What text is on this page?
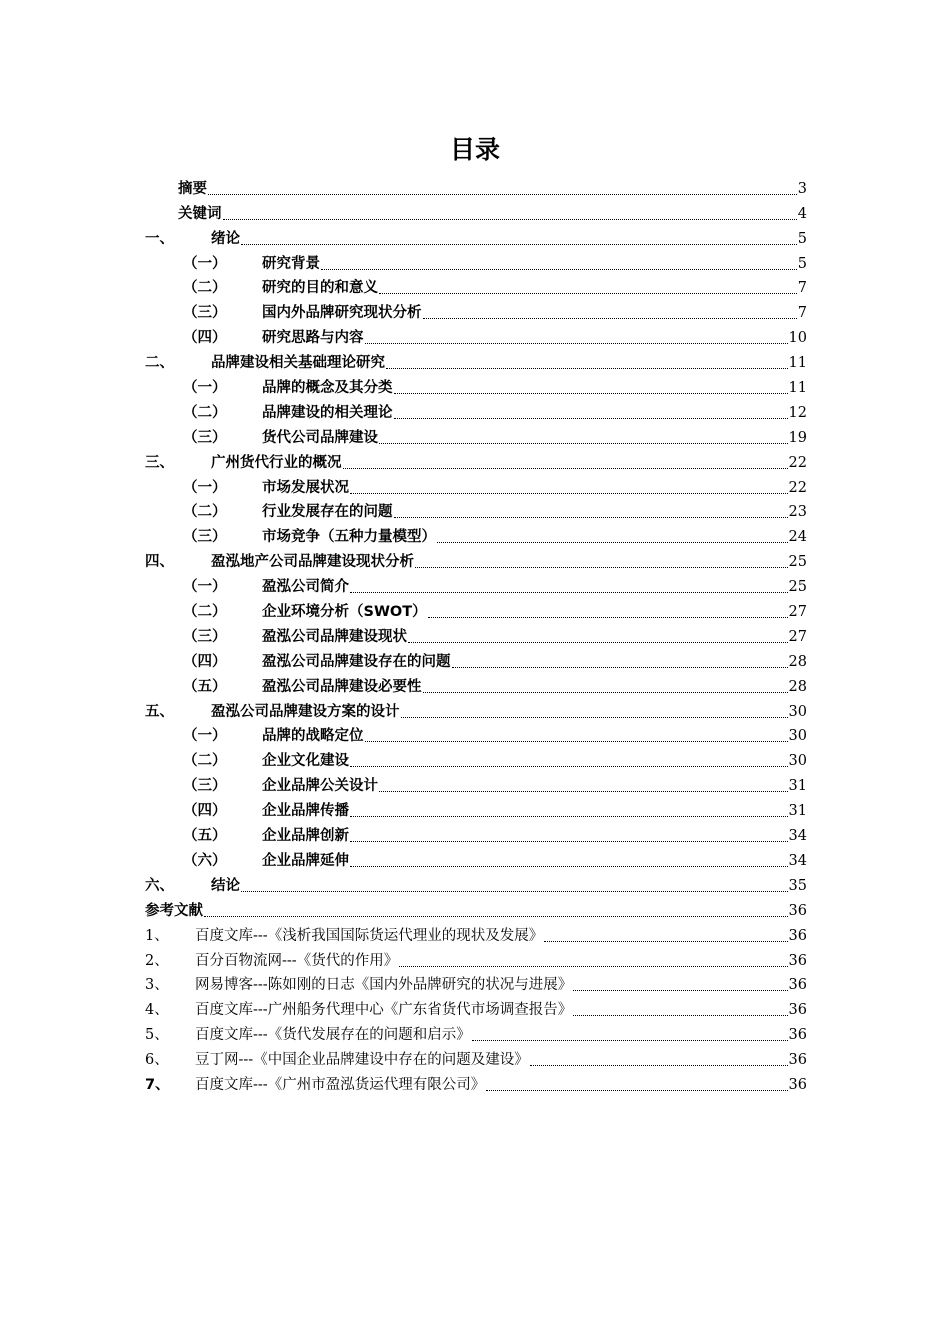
目录
摘要	3
关键词	4
一、	绪论	5
（一）	研究背景	5
（二）	研究的目的和意义	7
（三）	国内外品牌研究现状分析	7
（四）	研究思路与内容	10
二、	品牌建设相关基础理论研究	11
（一）	品牌的概念及其分类	11
（二）	品牌建设的相关理论	12
（三）	货代公司品牌建设	19
三、	广州货代行业的概况	22
（一）	市场发展状况	22
（二）	行业发展存在的问题	23
（三）	市场竞争（五种力量模型）	24
四、	盈泓地产公司品牌建设现状分析	25
（一）	盈泓公司简介	25
（二）	企业环境分析（SWOT）	27
（三）	盈泓公司品牌建设现状	27
（四）	盈泓公司品牌建设存在的问题	28
（五）	盈泓公司品牌建设必要性	28
五、	盈泓公司品牌建设方案的设计	30
（一）	品牌的战略定位	30
（二）	企业文化建设	30
（三）	企业品牌公关设计	31
（四）	企业品牌传播	31
（五）	企业品牌创新	34
（六）	企业品牌延伸	34
六、	结论	35
参考文献	36
1、	百度文库---《浅析我国国际货运代理业的现状及发展》	36
2、	百分百物流网---《货代的作用》	36
3、	网易博客---陈如刚的日志《国内外品牌研究的状况与进展》	36
4、	百度文库---广州船务代理中心《广东省货代市场调查报告》	36
5、	百度文库---《货代发展存在的问题和启示》	36
6、	豆丁网---《中国企业品牌建设中存在的问题及建设》	36
7、	百度文库---《广州市盈泓货运代理有限公司》	36
